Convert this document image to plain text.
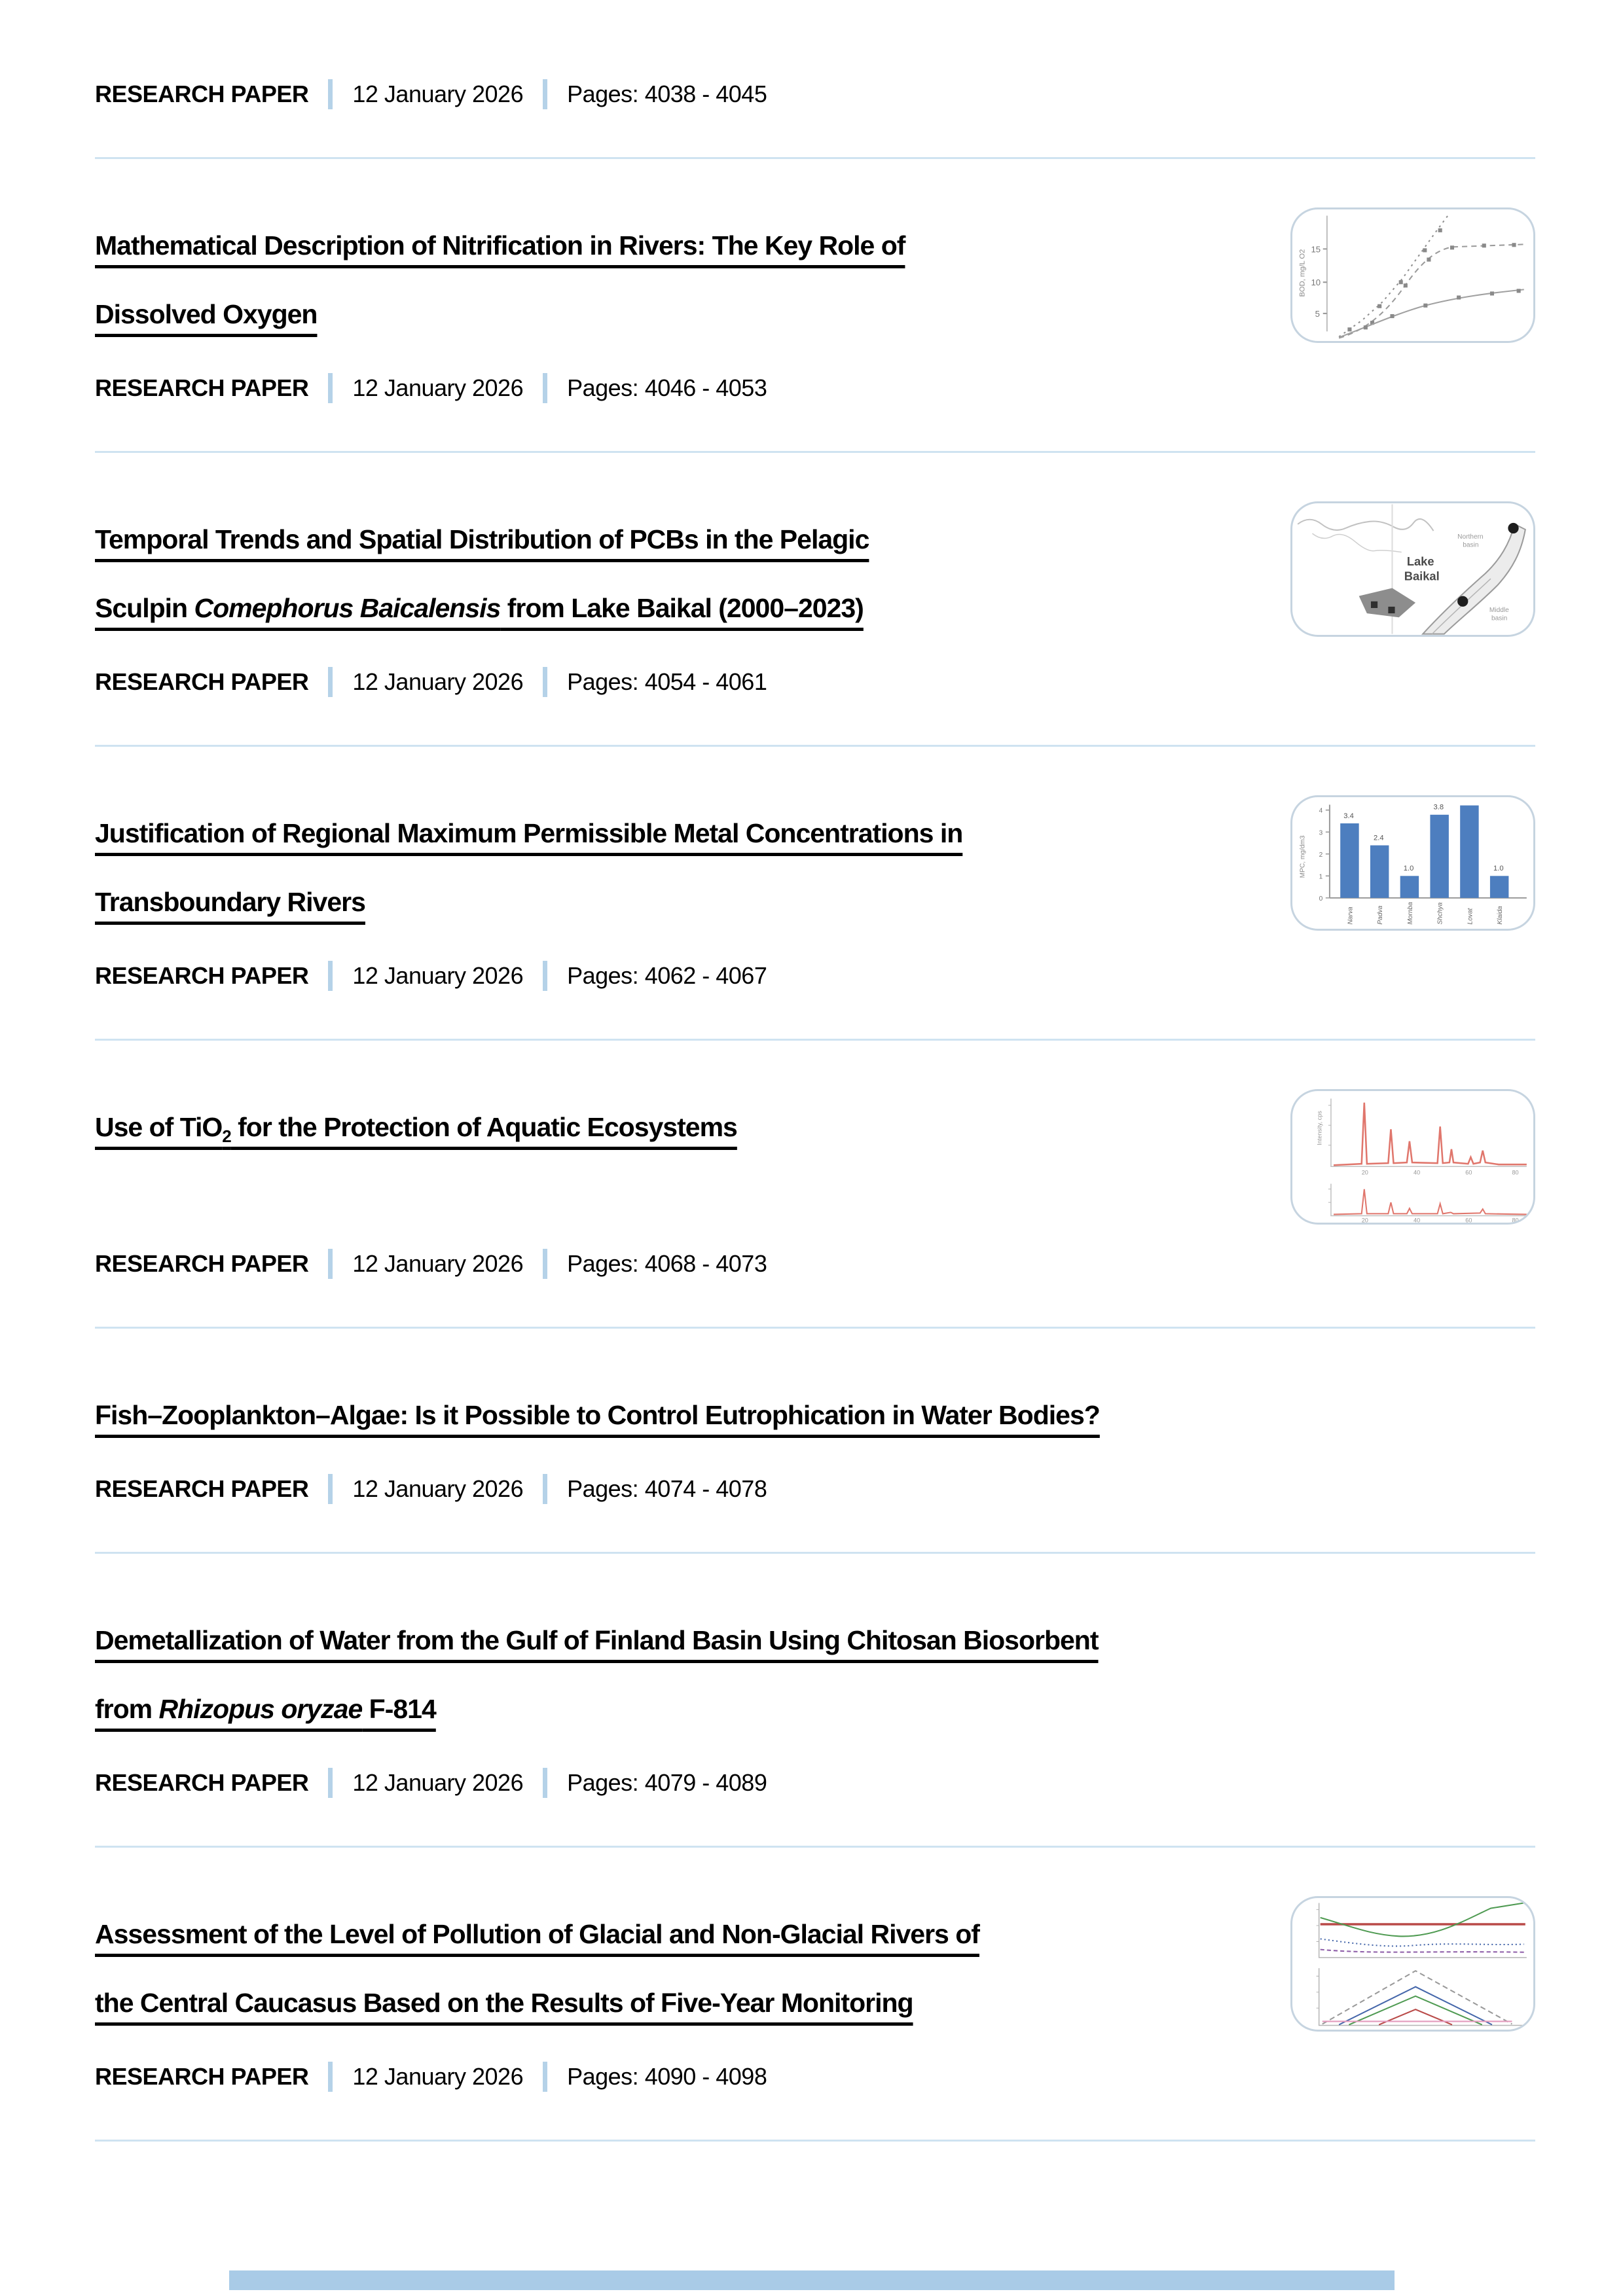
RESEARCH PAPER 12 January 2026 Pages: 4038 - 4045
Mathematical Description of Nitrification in Rivers: The Key Role of
Dissolved Oxygen
15
10
5
BOD, mg/L O2
RESEARCH PAPER 12 January 2026 Pages: 4046 - 4053
Temporal Trends and Spatial Distribution of PCBs in the Pelagic
Sculpin Comephorus Baicalensis from Lake Baikal (2000–2023)
Lake
Baikal
Northern
basin
Middle
basin
RESEARCH PAPER 12 January 2026 Pages: 4054 - 4061
Justification of Regional Maximum Permissible Metal Concentrations in
Transboundary Rivers	0
1
2
3
4
MPC, mg/dm3
3.4
2.4
1.0
3.8
1.0
Narva	Padva	Mornba	Shchya	Lovat	Klaida
RESEARCH PAPER 12 January 2026 Pages: 4062 - 4067
Use of TiO$_2$ for the Protection of Aquatic Ecosystems	Intensity, cps
20	40	60	80
20	40	60	80
RESEARCH PAPER 12 January 2026 Pages: 4068 - 4073
Fish–Zooplankton–Algae: Is it Possible to Control Eutrophication in Water Bodies?
RESEARCH PAPER 12 January 2026 Pages: 4074 - 4078
Demetallization of Water from the Gulf of Finland Basin Using Chitosan Biosorbent
from Rhizopus oryzae F-814
RESEARCH PAPER 12 January 2026 Pages: 4079 - 4089
Assessment of the Level of Pollution of Glacial and Non-Glacial Rivers of
the Central Caucasus Based on the Results of Five-Year Monitoring
RESEARCH PAPER 12 January 2026 Pages: 4090 - 4098
